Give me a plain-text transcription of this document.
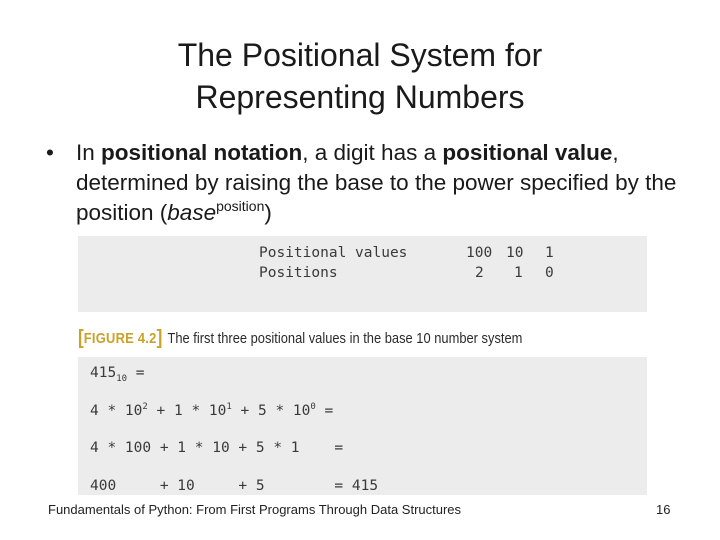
The Positional System for
Representing Numbers
• In positional notation, a digit has a positional value, determined by raising the base to the power specified by the position (base$^{position}$)
Positional values	100 10 1
Positions	2 1 0
[FIGURE 4.2] The first three positional values in the base 10 number system
$415_{10}$ =
$4 * 10^2 + 1 * 10^1 + 5 * 10^0$ =
4 * 100 + 1 * 10 + 5 * 1    =
400     + 10     + 5        = 415
Fundamentals of Python: From First Programs Through Data Structures	16
